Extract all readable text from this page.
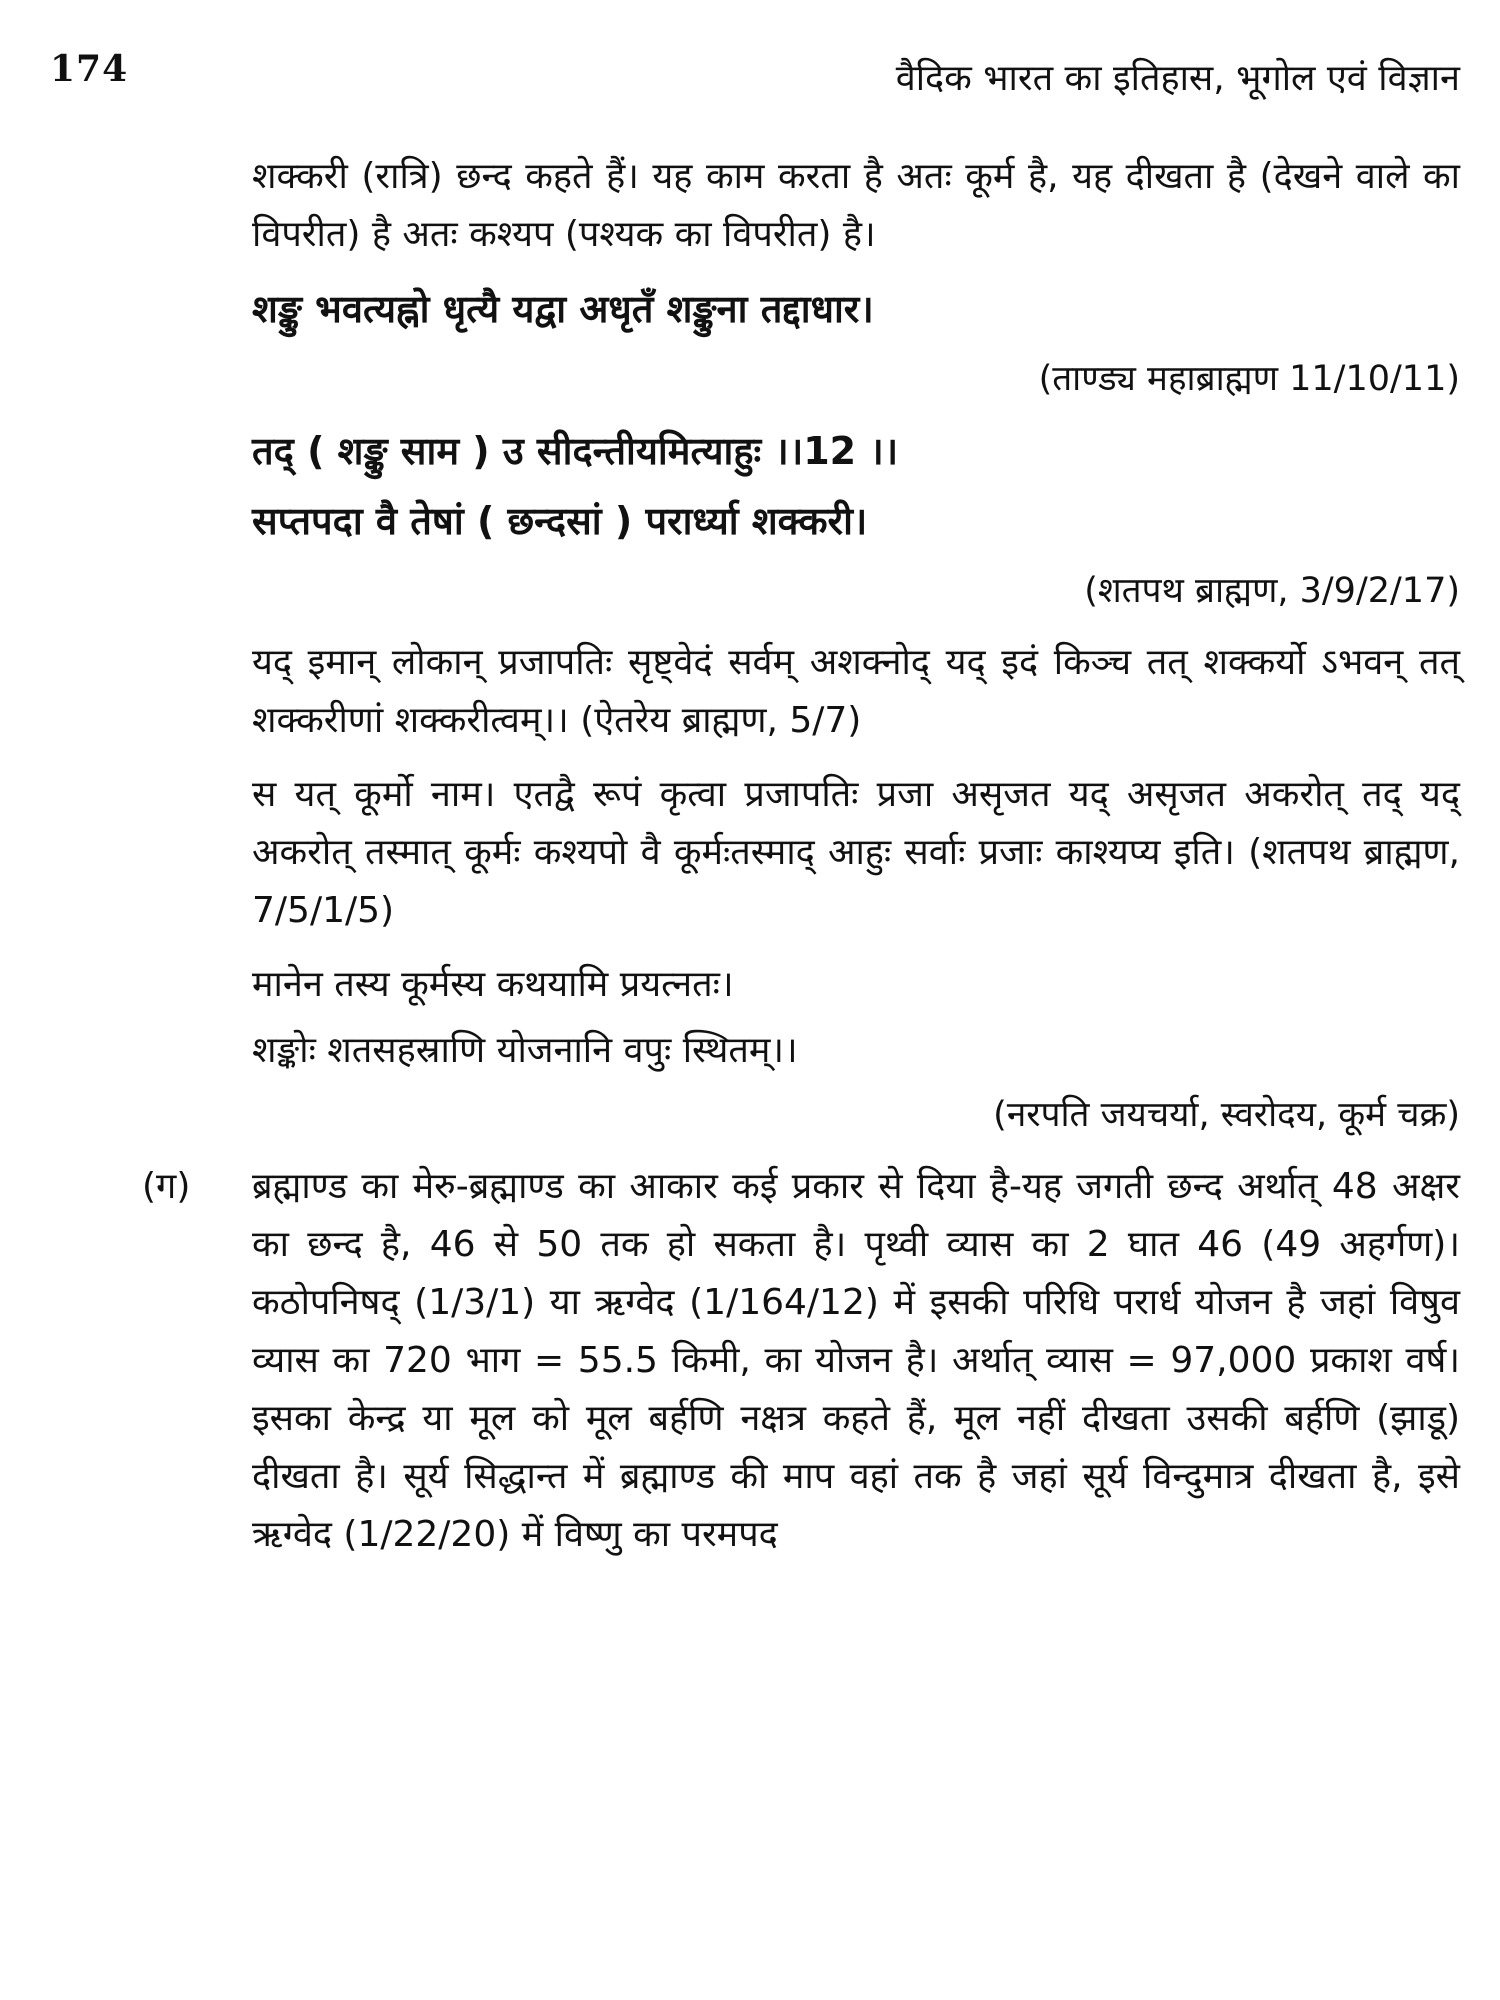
174	वैदिक भारत का इतिहास, भूगोल एवं विज्ञान

शक्करी (रात्रि) छन्द कहते हैं। यह काम करता है अतः कूर्म है, यह दीखता है (देखने वाले का विपरीत) है अतः कश्यप (पश्यक का विपरीत) है।

शङ्कु भवत्यह्नो धृत्यै यद्वा अधृतँ शङ्कुना तद्दाधार।
(ताण्ड्य महाब्राह्मण 11/10/11)
तद् ( शङ्कु साम ) उ सीदन्तीयमित्याहुः ।।12 ।।
सप्तपदा वै तेषां ( छन्दसां ) परार्ध्या शक्करी।
(शतपथ ब्राह्मण, 3/9/2/17)

यद् इमान् लोकान् प्रजापतिः सृष्ट्वेदं सर्वम् अशक्नोद् यद् इदं किञ्च तत् शक्कर्यो ऽभवन् तत् शक्करीणां शक्करीत्वम्।। (ऐतरेय ब्राह्मण, 5/7)

स यत् कूर्मो नाम। एतद्वै रूपं कृत्वा प्रजापतिः प्रजा असृजत यद् असृजत अकरोत् तद् यद् अकरोत् तस्मात् कूर्मः कश्यपो वै कूर्मःतस्माद् आहुः सर्वाः प्रजाः काश्यप्य इति। (शतपथ ब्राह्मण, 7/5/1/5)

मानेन तस्य कूर्मस्य कथयामि प्रयत्नतः।
शङ्कोः शतसहस्राणि योजनानि वपुः स्थितम्।।
(नरपति जयचर्या, स्वरोदय, कूर्म चक्र)
(ग) ब्रह्माण्ड का मेरु-ब्रह्माण्ड का आकार कई प्रकार से दिया है-यह जगती छन्द अर्थात् 48 अक्षर का छन्द है, 46 से 50 तक हो सकता है। पृथ्वी व्यास का 2 घात 46 (49 अहर्गण)। कठोपनिषद् (1/3/1) या ऋग्वेद (1/164/12) में इसकी परिधि परार्ध योजन है जहां विषुव व्यास का 720 भाग = 55.5 किमी, का योजन है। अर्थात् व्यास = 97,000 प्रकाश वर्ष। इसका केन्द्र या मूल को मूल बर्हणि नक्षत्र कहते हैं, मूल नहीं दीखता उसकी बर्हणि (झाडू) दीखता है। सूर्य सिद्धान्त में ब्रह्माण्ड की माप वहां तक है जहां सूर्य विन्दुमात्र दीखता है, इसे ऋग्वेद (1/22/20) में विष्णु का परमपद
